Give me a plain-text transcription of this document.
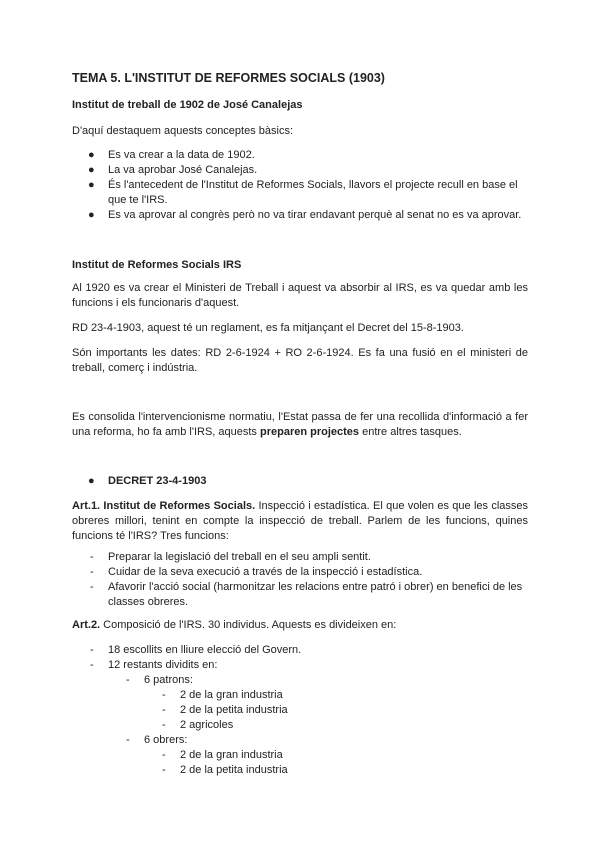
TEMA 5. L'INSTITUT DE REFORMES SOCIALS (1903)

Institut de treball de 1902 de José Canalejas

D'aquí destaquem aquests conceptes bàsics:

● Es va crear a la data de 1902.
● La va aprobar José Canalejas.
● És l'antecedent de l'Institut de Reformes Socials, llavors el projecte recull en base el que te l'IRS.
● Es va aprovar al congrès però no va tirar endavant perquè al senat no es va aprovar.

Institut de Reformes Socials IRS

Al 1920 es va crear el Ministeri de Treball i aquest va absorbir al IRS, es va quedar amb les funcions i els funcionaris d'aquest.

RD 23-4-1903, aquest té un reglament, es fa mitjançant el Decret del 15-8-1903.

Són importants les dates: RD 2-6-1924 + RO 2-6-1924. Es fa una fusió en el ministeri de treball, comerç i indústria.

Es consolida l'intervencionisme normatiu, l'Estat passa de fer una recollida d'informació a fer una reforma, ho fa amb l'IRS, aquests preparen projectes entre altres tasques.

● DECRET 23-4-1903

Art.1. Institut de Reformes Socials. Inspecció i estadística. El que volen es que les classes obreres millori, tenint en compte la inspecció de treball. Parlem de les funcions, quines funcions té l'IRS? Tres funcions:

- Preparar la legislació del treball en el seu ampli sentit.
- Cuidar de la seva execució a través de la inspecció i estadística.
- Afavorir l'acció social (harmonitzar les relacions entre patró i obrer) en benefici de les classes obreres.

Art.2. Composició de l'IRS. 30 individus. Aquests es divideixen en:

- 18 escollits en lliure elecció del Govern.
- 12 restants dividits en:
- 6 patrons:
- 2 de la gran industria
- 2 de la petita industria
- 2 agricoles
- 6 obrers:
- 2 de la gran industria
- 2 de la petita industria
